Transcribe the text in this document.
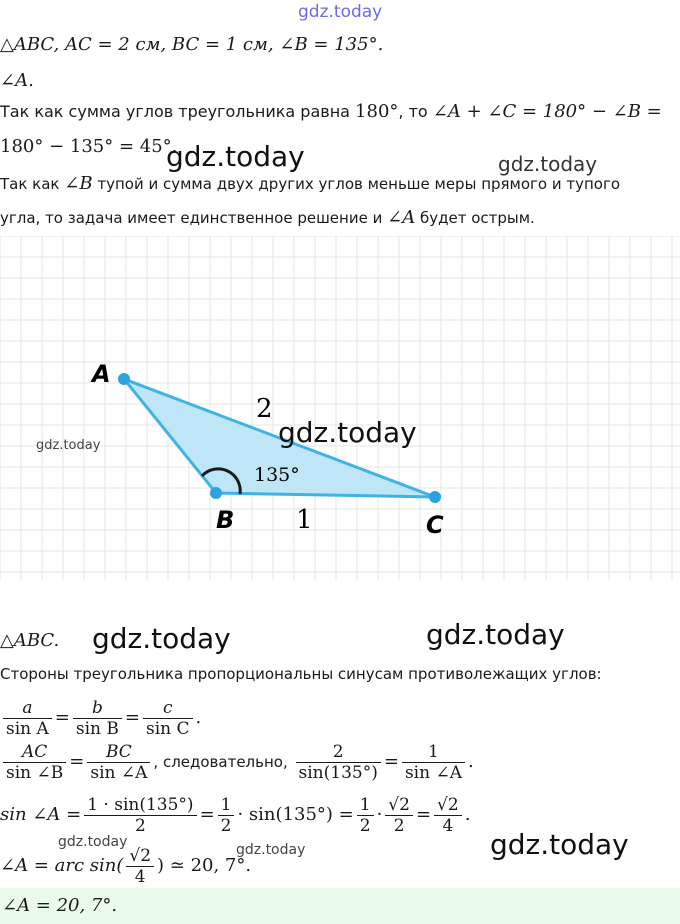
gdz.today
△ABC, AC = 2 см, BC = 1 см, ∠B = 135°.
∠A.
Так как сумма углов треугольника равна 180°, то ∠A + ∠C = 180° − ∠B =
180° − 135° = 45°.
gdz.today	gdz.today
Так как ∠B тупой и сумма двух других углов меньше меры прямого и тупого
угла, то задача имеет единственное решение и ∠A будет острым.
A
B	C
2
1
135°
gdz.today	gdz.today
△ABC. gdz.today	gdz.today
Стороны треугольника пропорциональны синусам противолежащих углов:
$\frac{a}{\text{sin A}} = \frac{b}{\text{sin B}} = \frac{c}{\text{sin C}}$ .
$\frac{AC}{\sin \angle B} = \frac{BC}{\sin \angle A}$ , следовательно, $\frac{2}{\sin(135^\circ)} = \frac{1}{\sin \angle A}$ .
sin ∠A = $\frac{1 \cdot \sin(135^\circ)}{2} = \frac{1}{2} \cdot \sin(135^\circ) = \frac{1}{2} \cdot \frac{√2}{2} = \frac{√2}{4}$ .
gdz.today	gdz.today	gdz.today
∠A = arc $\sin( \frac{√2}{4}$ ) ≃ 20, 7°.
∠A = 20, 7°.
